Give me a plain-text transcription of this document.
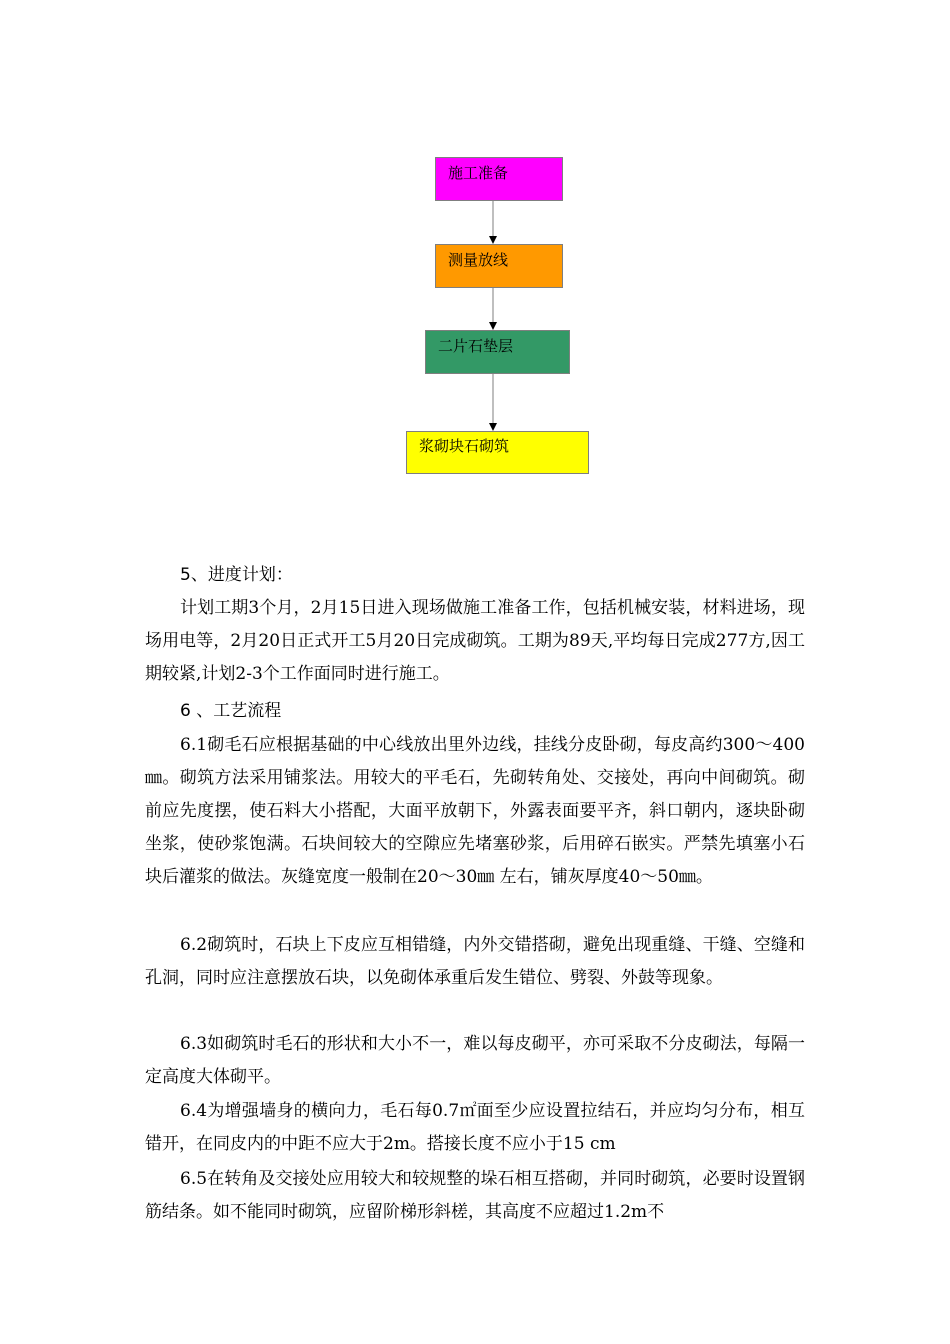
施工准备
测量放线
二片石垫层
浆砌块石砌筑
5、进度计划：

计划工期3个月，2月15日进入现场做施工准备工作，包括机械安装，材料进场，现场用电等，2月20日正式开工5月20日完成砌筑。工期为89天,平均每日完成277方,因工期较紧,计划2-3个工作面同时进行施工。

6 、工艺流程

6.1砌毛石应根据基础的中心线放出里外边线，挂线分皮卧砌，每皮高约300～400㎜。砌筑方法采用铺浆法。用较大的平毛石，先砌转角处、交接处，再向中间砌筑。砌前应先度摆，使石料大小搭配，大面平放朝下，外露表面要平齐，斜口朝内，逐块卧砌坐浆，使砂浆饱满。石块间较大的空隙应先堵塞砂浆，后用碎石嵌实。严禁先填塞小石块后灌浆的做法。灰缝宽度一般制在20～30㎜ 左右，铺灰厚度40～50㎜。

6.2砌筑时，石块上下皮应互相错缝，内外交错搭砌，避免出现重缝、干缝、空缝和孔洞，同时应注意摆放石块，以免砌体承重后发生错位、劈裂、外鼓等现象。

6.3如砌筑时毛石的形状和大小不一，难以每皮砌平，亦可采取不分皮砌法，每隔一定高度大体砌平。

6.4为增强墙身的横向力，毛石每0.7㎡面至少应设置拉结石，并应均匀分布，相互错开，在同皮内的中距不应大于2m。搭接长度不应小于15 cm

6.5在转角及交接处应用较大和较规整的垛石相互搭砌，并同时砌筑，必要时设置钢筋结条。如不能同时砌筑，应留阶梯形斜槎，其高度不应超过1.2m不
